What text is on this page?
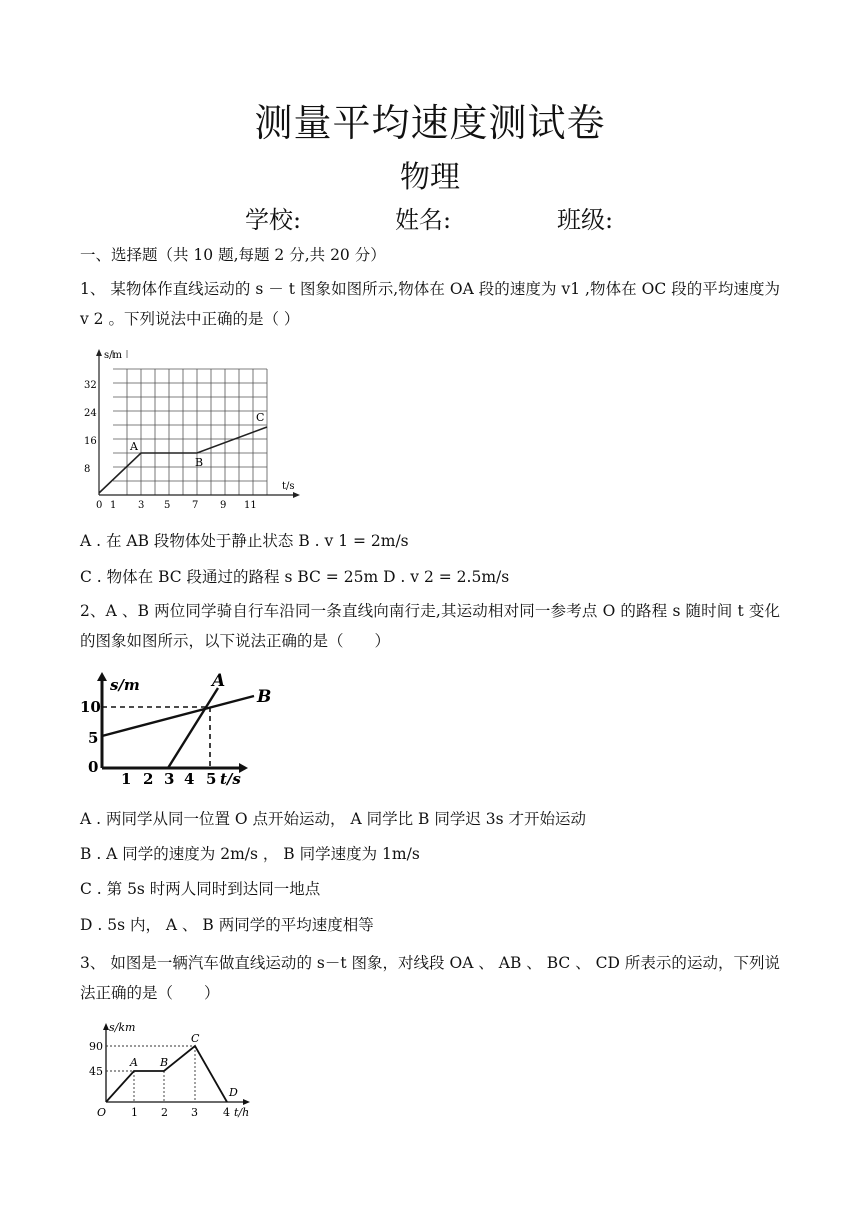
测量平均速度测试卷
物理
学校:	姓名:	班级:
一、选择题（共 10 题,每题 2 分,共 20 分）
1、 某物体作直线运动的 s － t 图象如图所示,物体在 OA 段的速度为 v1 ,物体在 OC 段的平均速度为 v 2 。下列说法中正确的是（ ）
s/m
t/s
8
16
24
32
0 1 3 5 7 9 11
A
B
C
A . 在 AB 段物体处于静止状态 B . v 1 = 2m/s
C . 物体在 BC 段通过的路程 s BC = 25m D . v 2 = 2.5m/s
2、A 、B 两位同学骑自行车沿同一条直线向南行走,其运动相对同一参考点 O 的路程 s 随时间 t 变化的图象如图所示，以下说法正确的是（　　）
s/m
t/s
0
5
10
1 2 3 4 5
A
B
A . 两同学从同一位置 O 点开始运动， A 同学比 B 同学迟 3s 才开始运动
B . A 同学的速度为 2m/s ， B 同学速度为 1m/s
C . 第 5s 时两人同时到达同一地点
D . 5s 内， A 、 B 两同学的平均速度相等
3、 如图是一辆汽车做直线运动的 s－t 图象，对线段 OA 、 AB 、 BC 、 CD 所表示的运动，下列说法正确的是（　　）
s/km
t/h
45
90
O 1 2 3 4
A B
C
D
